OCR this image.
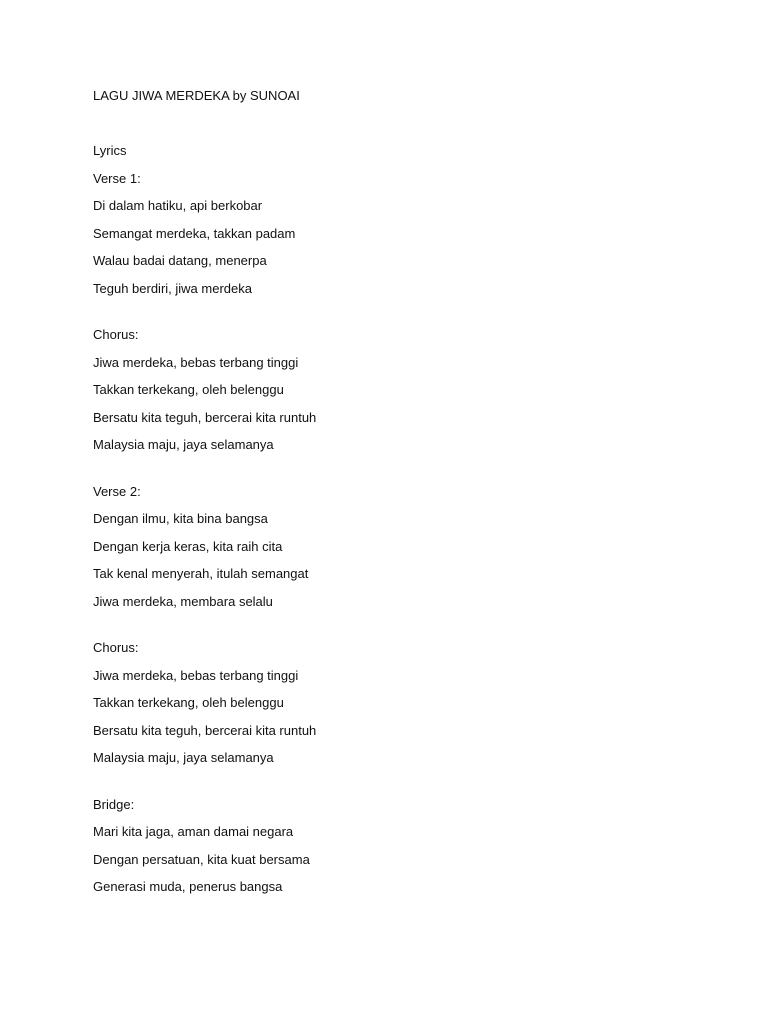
LAGU JIWA MERDEKA by SUNOAI
Lyrics
Verse 1:
Di dalam hatiku, api berkobar
Semangat merdeka, takkan padam
Walau badai datang, menerpa
Teguh berdiri, jiwa merdeka
Chorus:
Jiwa merdeka, bebas terbang tinggi
Takkan terkekang, oleh belenggu
Bersatu kita teguh, bercerai kita runtuh
Malaysia maju, jaya selamanya
Verse 2:
Dengan ilmu, kita bina bangsa
Dengan kerja keras, kita raih cita
Tak kenal menyerah, itulah semangat
Jiwa merdeka, membara selalu
Chorus:
Jiwa merdeka, bebas terbang tinggi
Takkan terkekang, oleh belenggu
Bersatu kita teguh, bercerai kita runtuh
Malaysia maju, jaya selamanya
Bridge:
Mari kita jaga, aman damai negara
Dengan persatuan, kita kuat bersama
Generasi muda, penerus bangsa
